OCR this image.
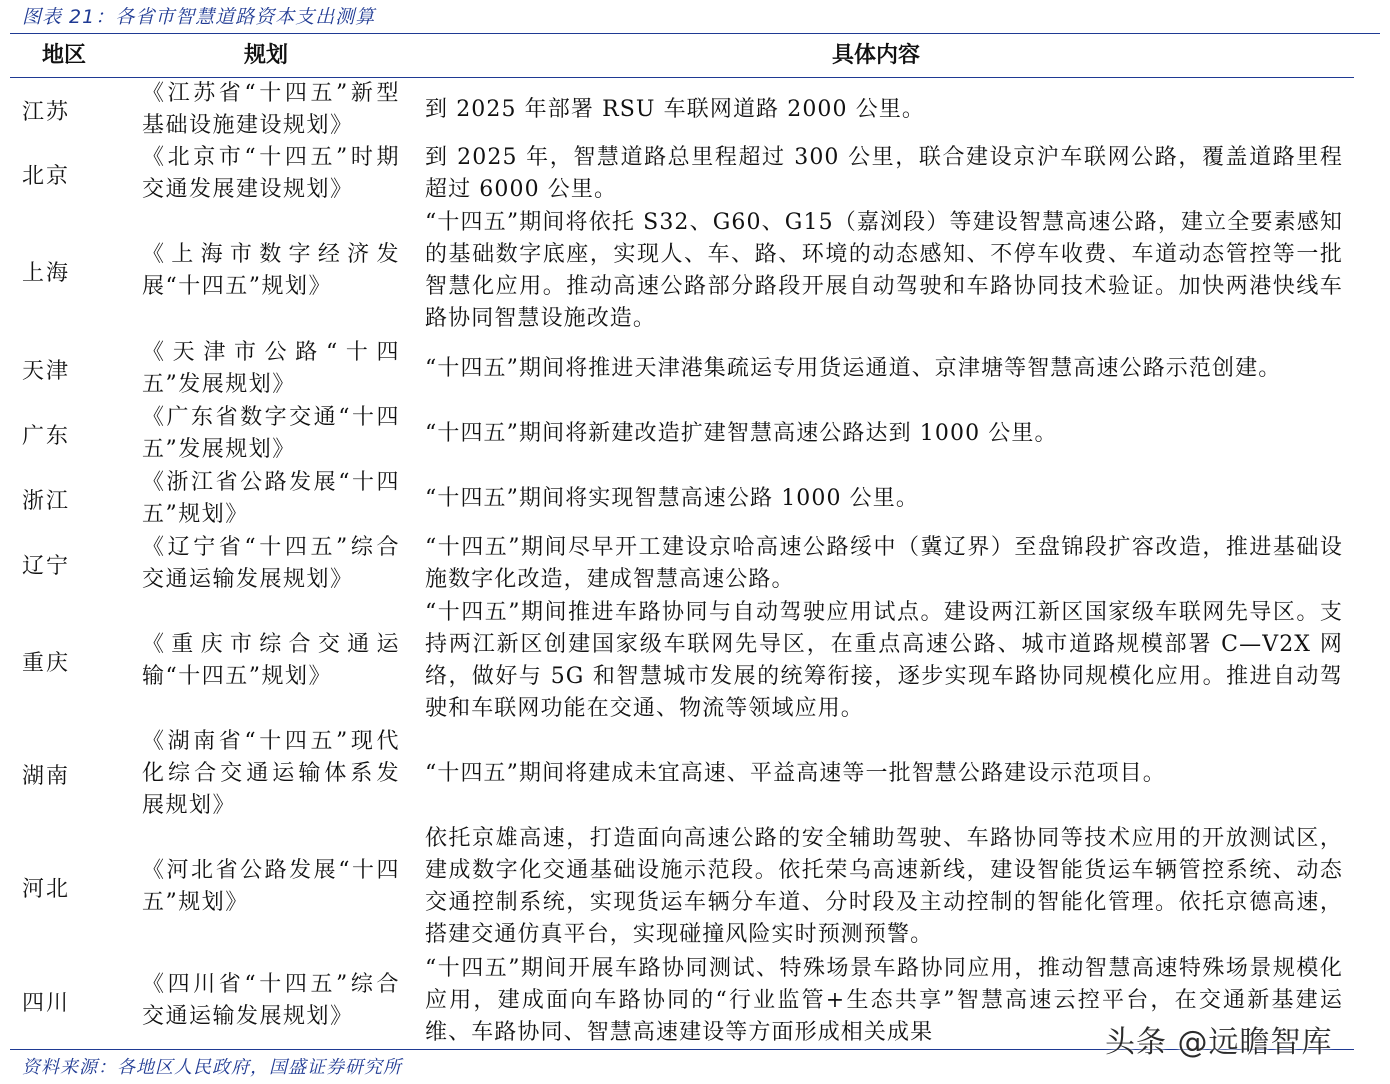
图表 21：各省市智慧道路资本支出测算
地区	规划	具体内容
江苏
《江苏省“十四五”新型基础设施建设规划》
到 2025 年部署 RSU 车联网道路 2000 公里。
北京
《北京市“十四五”时期交通发展建设规划》
到 2025 年，智慧道路总里程超过 300 公里，联合建设京沪车联网公路，覆盖道路里程超过 6000 公里。
上海
《上海市数字经济发展“十四五”规划》
“十四五”期间将依托 S32、G60、G15（嘉浏段）等建设智慧高速公路，建立全要素感知的基础数字底座，实现人、车、路、环境的动态感知、不停车收费、车道动态管控等一批智慧化应用。推动高速公路部分路段开展自动驾驶和车路协同技术验证。加快两港快线车路协同智慧设施改造。
天津
《天津市公路“十四五”发展规划》
“十四五”期间将推进天津港集疏运专用货运通道、京津塘等智慧高速公路示范创建。
广东
《广东省数字交通“十四五”发展规划》
“十四五”期间将新建改造扩建智慧高速公路达到 1000 公里。
浙江
《浙江省公路发展“十四五”规划》
“十四五”期间将实现智慧高速公路 1000 公里。
辽宁
《辽宁省“十四五”综合交通运输发展规划》
“十四五”期间尽早开工建设京哈高速公路绥中（冀辽界）至盘锦段扩容改造，推进基础设施数字化改造，建成智慧高速公路。
重庆
《重庆市综合交通运输“十四五”规划》
“十四五”期间推进车路协同与自动驾驶应用试点。建设两江新区国家级车联网先导区。支持两江新区创建国家级车联网先导区，在重点高速公路、城市道路规模部署 C—V2X 网络，做好与 5G 和智慧城市发展的统筹衔接，逐步实现车路协同规模化应用。推进自动驾驶和车联网功能在交通、物流等领域应用。
湖南
《湖南省“十四五”现代化综合交通运输体系发展规划》
“十四五”期间将建成未宜高速、平益高速等一批智慧公路建设示范项目。
河北
《河北省公路发展“十四五”规划》
依托京雄高速，打造面向高速公路的安全辅助驾驶、车路协同等技术应用的开放测试区，建成数字化交通基础设施示范段。依托荣乌高速新线，建设智能货运车辆管控系统、动态交通控制系统，实现货运车辆分车道、分时段及主动控制的智能化管理。依托京德高速，搭建交通仿真平台，实现碰撞风险实时预测预警。
四川
《四川省“十四五”综合交通运输发展规划》
“十四五”期间开展车路协同测试、特殊场景车路协同应用，推动智慧高速特殊场景规模化应用，建成面向车路协同的“行业监管+生态共享”智慧高速云控平台，在交通新基建运维、车路协同、智慧高速建设等方面形成相关成果
资料来源：各地区人民政府，国盛证券研究所
头条 @远瞻智库
